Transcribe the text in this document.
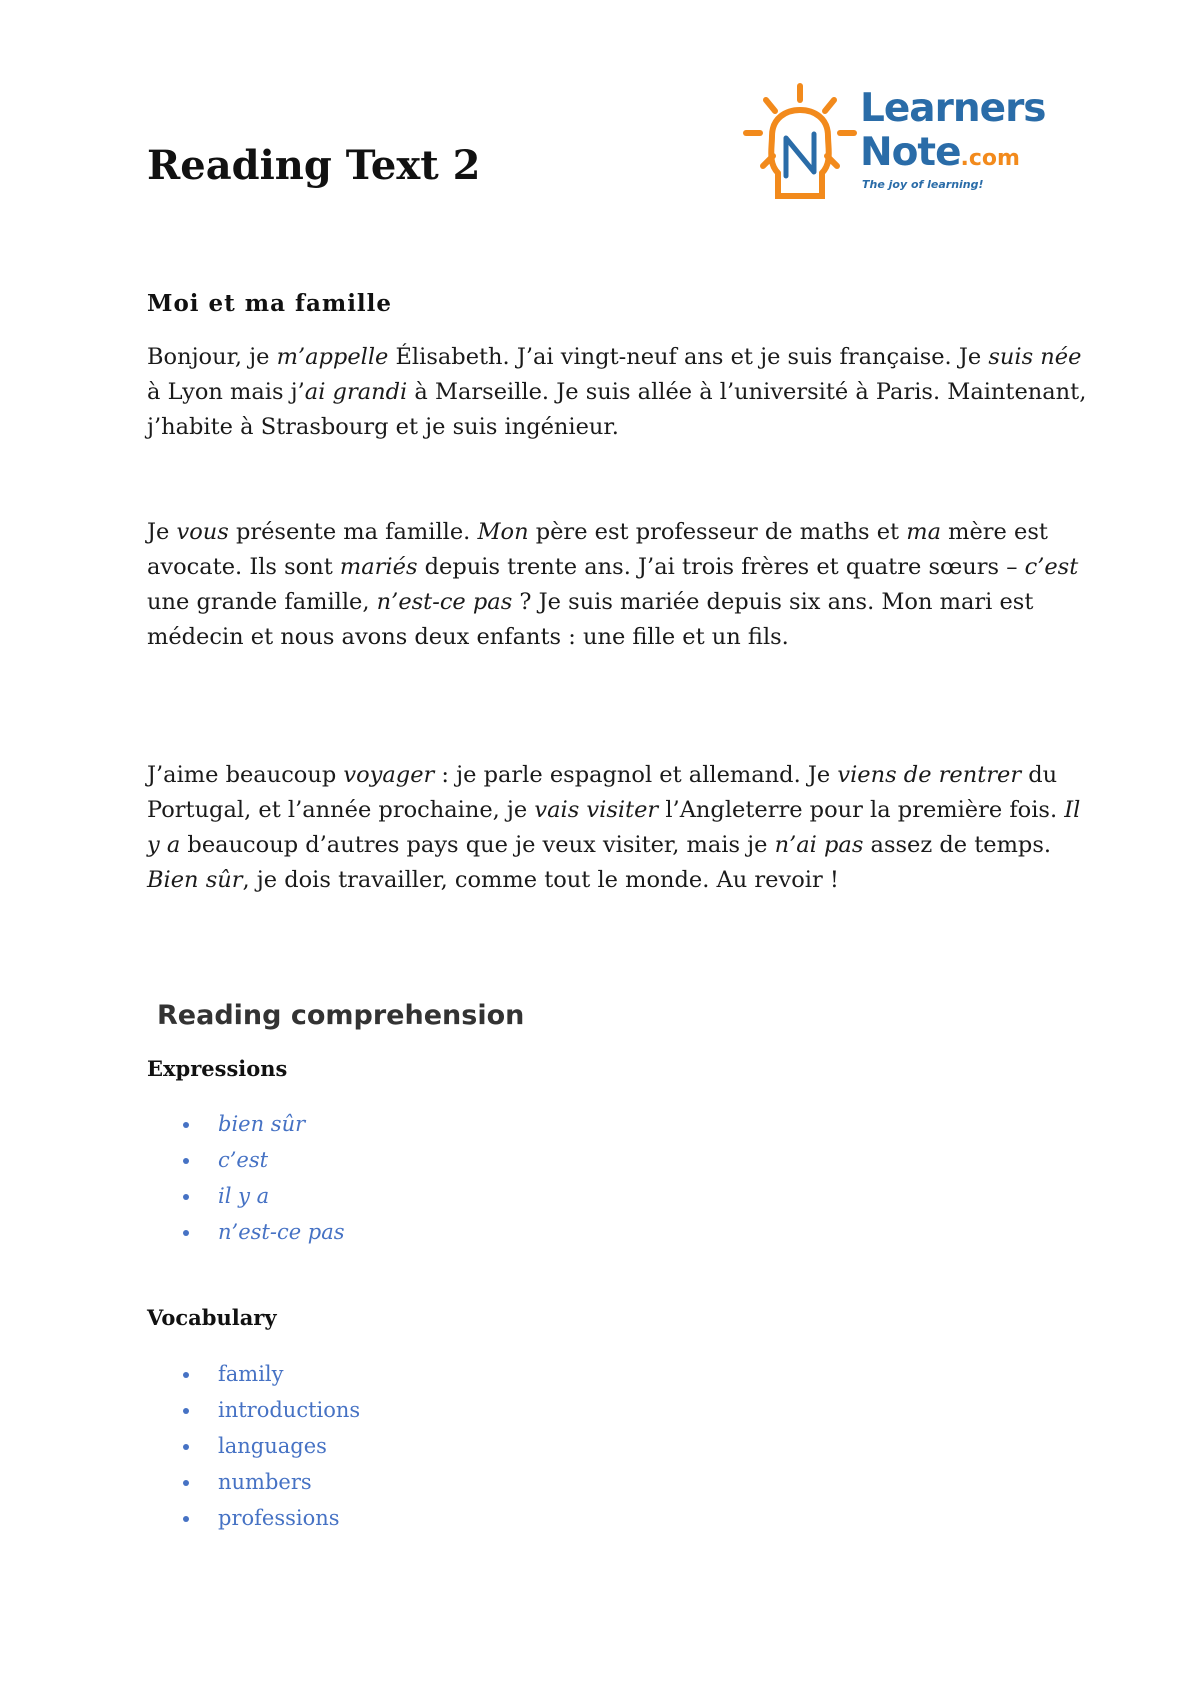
Reading Text 2

Learners

Note.com

The joy of learning!

Moi et ma famille

Bonjour, je m’appelle Élisabeth. J’ai vingt-neuf ans et je suis française. Je suis née à Lyon mais j’ai grandi à Marseille. Je suis allée à l’université à Paris. Maintenant, j’habite à Strasbourg et je suis ingénieur.

Je vous présente ma famille. Mon père est professeur de maths et ma mère est avocate. Ils sont mariés depuis trente ans. J’ai trois frères et quatre sœurs – c’est une grande famille, n’est-ce pas ? Je suis mariée depuis six ans. Mon mari est médecin et nous avons deux enfants : une fille et un fils.

J’aime beaucoup voyager : je parle espagnol et allemand. Je viens de rentrer du Portugal, et l’année prochaine, je vais visiter l’Angleterre pour la première fois. Il y a beaucoup d’autres pays que je veux visiter, mais je n’ai pas assez de temps. Bien sûr, je dois travailler, comme tout le monde. Au revoir !

Reading comprehension
Expressions
bien sûr
c’est
il y a
n’est-ce pas
Vocabulary
family
introductions
languages
numbers
professions
